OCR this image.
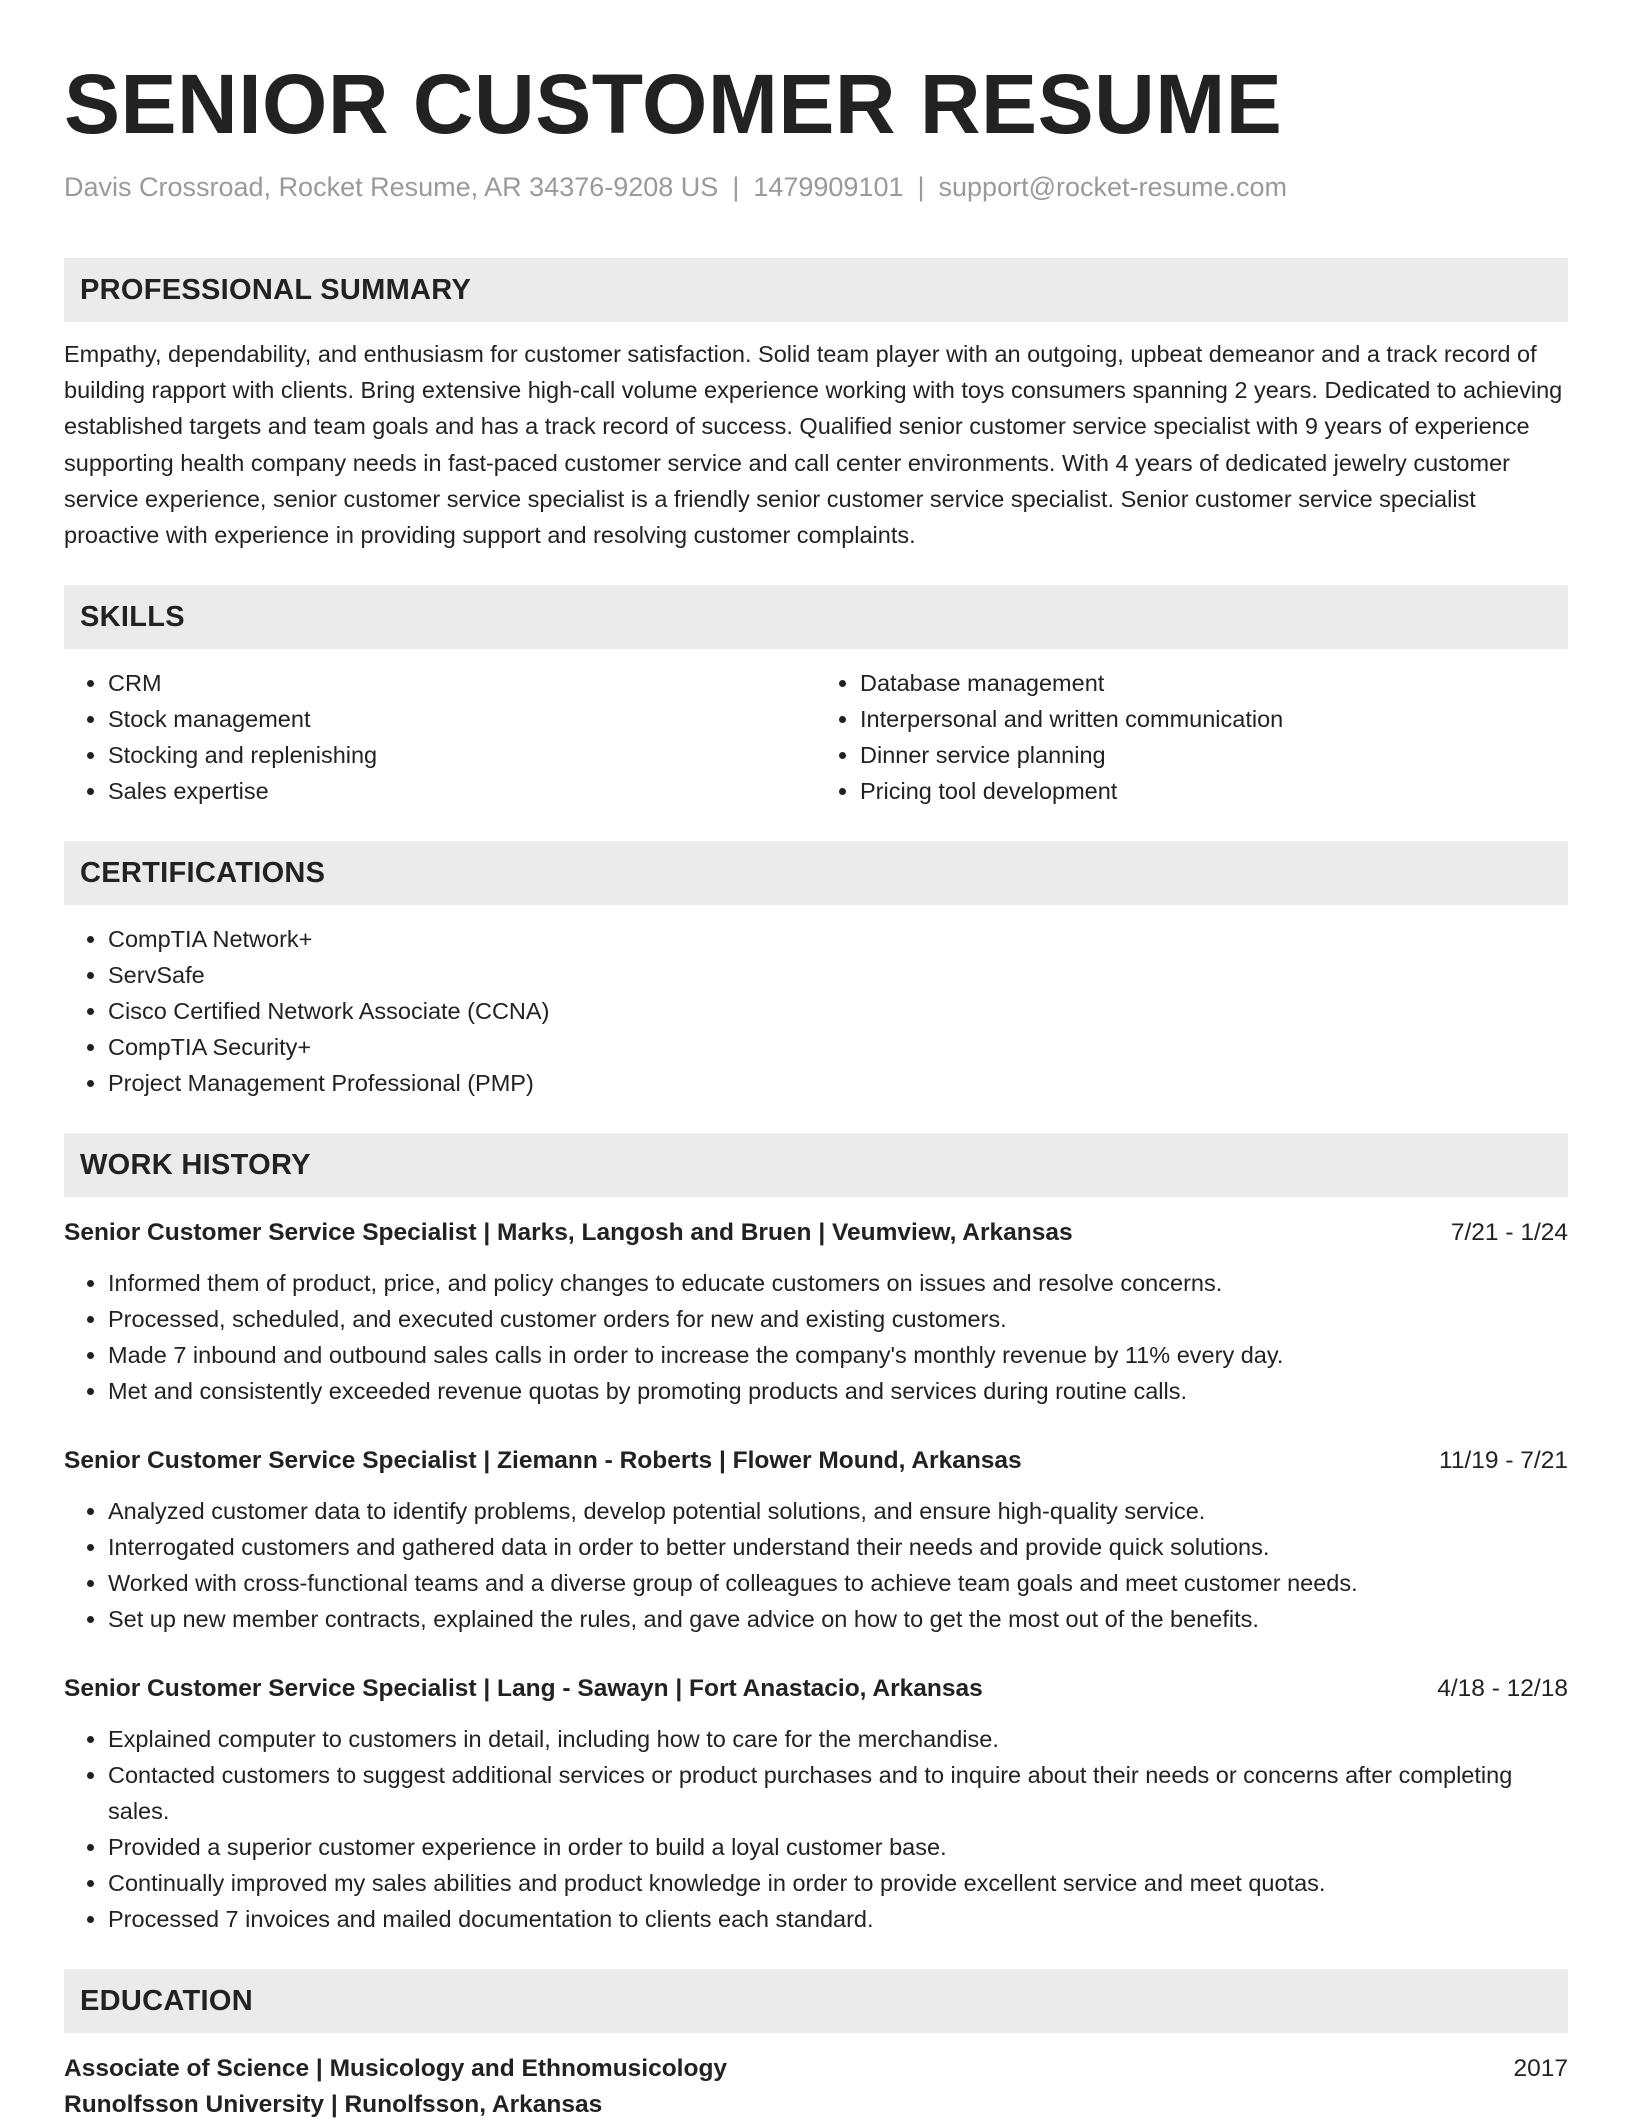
SENIOR CUSTOMER RESUME
Davis Crossroad, Rocket Resume, AR 34376-9208 US | 1479909101 | support@rocket-resume.com
PROFESSIONAL SUMMARY

Empathy, dependability, and enthusiasm for customer satisfaction. Solid team player with an outgoing, upbeat demeanor and a track record of building rapport with clients. Bring extensive high-call volume experience working with toys consumers spanning 2 years. Dedicated to achieving established targets and team goals and has a track record of success. Qualified senior customer service specialist with 9 years of experience supporting health company needs in fast-paced customer service and call center environments. With 4 years of dedicated jewelry customer service experience, senior customer service specialist is a friendly senior customer service specialist. Senior customer service specialist proactive with experience in providing support and resolving customer complaints.

SKILLS
• CRM
• Stock management
• Stocking and replenishing
• Sales expertise
• Database management
• Interpersonal and written communication
• Dinner service planning
• Pricing tool development
CERTIFICATIONS
• CompTIA Network+
• ServSafe
• Cisco Certified Network Associate (CCNA)
• CompTIA Security+
• Project Management Professional (PMP)
WORK HISTORY
Senior Customer Service Specialist | Marks, Langosh and Bruen | Veumview, Arkansas	7/21 - 1/24
• Informed them of product, price, and policy changes to educate customers on issues and resolve concerns.
• Processed, scheduled, and executed customer orders for new and existing customers.
• Made 7 inbound and outbound sales calls in order to increase the company's monthly revenue by 11% every day.
• Met and consistently exceeded revenue quotas by promoting products and services during routine calls.
Senior Customer Service Specialist | Ziemann - Roberts | Flower Mound, Arkansas	11/19 - 7/21
• Analyzed customer data to identify problems, develop potential solutions, and ensure high-quality service.
• Interrogated customers and gathered data in order to better understand their needs and provide quick solutions.
• Worked with cross-functional teams and a diverse group of colleagues to achieve team goals and meet customer needs.
• Set up new member contracts, explained the rules, and gave advice on how to get the most out of the benefits.
Senior Customer Service Specialist | Lang - Sawayn | Fort Anastacio, Arkansas	4/18 - 12/18
• Explained computer to customers in detail, including how to care for the merchandise.
• Contacted customers to suggest additional services or product purchases and to inquire about their needs or concerns after completing sales.
• Provided a superior customer experience in order to build a loyal customer base.
• Continually improved my sales abilities and product knowledge in order to provide excellent service and meet quotas.
• Processed 7 invoices and mailed documentation to clients each standard.
EDUCATION
Associate of Science | Musicology and Ethnomusicology	2017
Runolfsson University | Runolfsson, Arkansas
